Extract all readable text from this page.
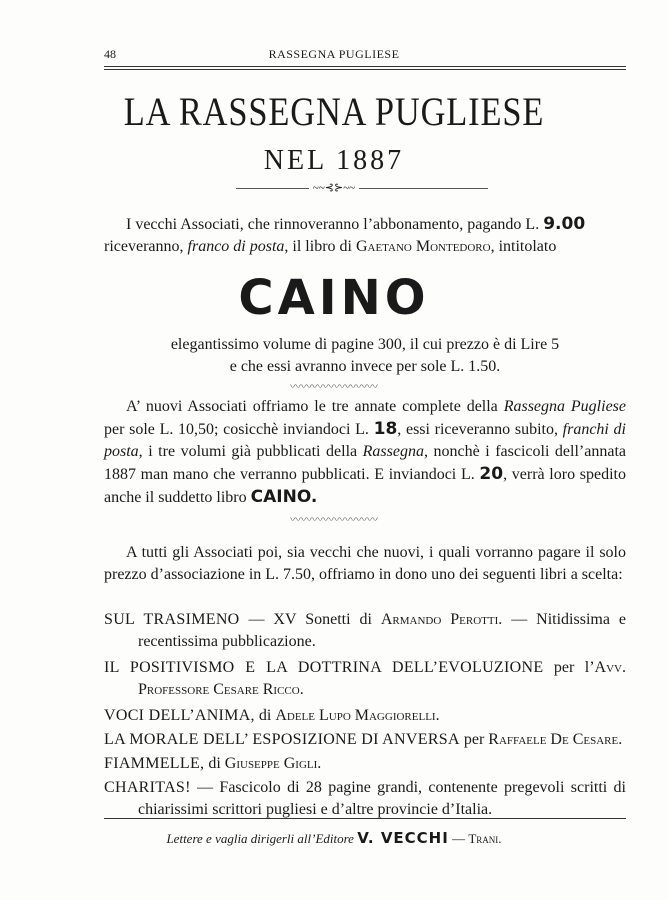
48	RASSEGNA PUGLIESE
LA RASSEGNA PUGLIESE
NEL 1887
~~⊰⊱~~

I vecchi Associati, che rinnoveranno l’abbonamento, pagando L. 9.00

riceveranno, franco di posta, il libro di Gaetano Montedoro, intitolato

CAINO

elegantissimo volume di pagine 300, il cui prezzo è di Lire 5

e che essi avranno invece per sole L. 1.50.

〰〰〰〰〰〰〰〰

A’ nuovi Associati offriamo le tre annate complete della Rassegna Pugliese per sole L. 10,50; cosicchè inviandoci L. 18, essi riceveranno subito, franchi di posta, i tre volumi già pubblicati della Rassegna, nonchè i fascicoli dell’annata 1887 man mano che verranno pubblicati. E inviandoci L. 20, verrà loro spedito anche il suddetto libro CAINO.

〰〰〰〰〰〰〰〰

A tutti gli Associati poi, sia vecchi che nuovi, i quali vorranno pagare il solo prezzo d’associazione in L. 7.50, offriamo in dono uno dei seguenti libri a scelta:

SUL TRASIMENO — XV Sonetti di Armando Perotti. — Nitidissima e recentissima pubblicazione.

IL POSITIVISMO E LA DOTTRINA DELL’EVOLUZIONE per l’Avv. Professore Cesare Ricco.

VOCI DELL’ANIMA, di Adele Lupo Maggiorelli.

LA MORALE DELL’ ESPOSIZIONE DI ANVERSA per Raffaele De Cesare.

FIAMMELLE, di Giuseppe Gigli.

CHARITAS! — Fascicolo di 28 pagine grandi, contenente pregevoli scritti di chiarissimi scrittori pugliesi e d’altre provincie d’Italia.

Lettere e vaglia dirigerli all’Editore V. VECCHI — Trani.
